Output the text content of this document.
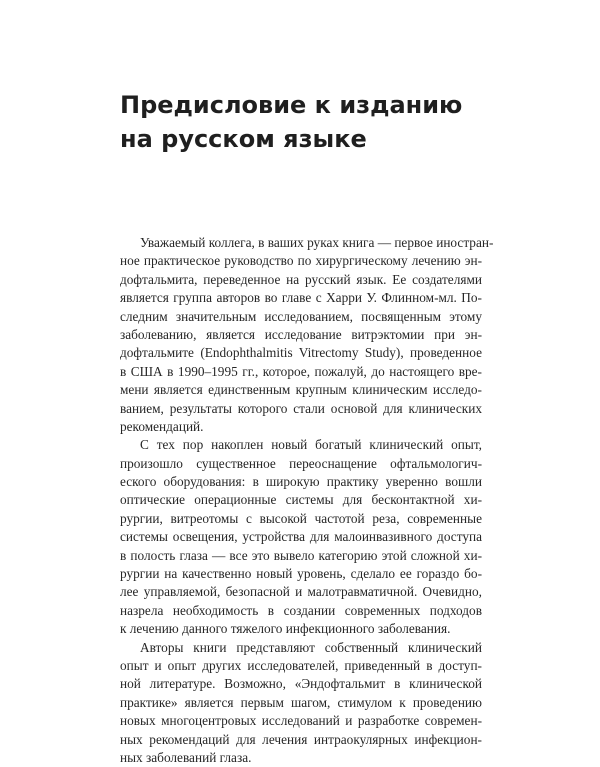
Предисловие к изданию
на русском языке
Уважаемый коллега, в ваших руках книга — первое иностран-
ное практическое руководство по хирургическому лечению эн-
дофтальмита, переведенное на русский язык. Ее создателями
является группа авторов во главе с Харри У. Флинном-мл. По-
следним значительным исследованием, посвященным этому
заболеванию, является исследование витрэктомии при эн-
дофтальмите (Endophthalmitis Vitrectomy Study), проведенное
в США в 1990–1995 гг., которое, пожалуй, до настоящего вре-
мени является единственным крупным клиническим исследо-
ванием, результаты которого стали основой для клинических
рекомендаций.
С тех пор накоплен новый богатый клинический опыт,
произошло существенное переоснащение офтальмологич-
еского оборудования: в широкую практику уверенно вошли
оптические операционные системы для бесконтактной хи-
рургии, витреотомы с высокой частотой реза, современные
системы освещения, устройства для малоинвазивного доступа
в полость глаза — все это вывело категорию этой сложной хи-
рургии на качественно новый уровень, сделало ее гораздо бо-
лее управляемой, безопасной и малотравматичной. Очевидно,
назрела необходимость в создании современных подходов
к лечению данного тяжелого инфекционного заболевания.
Авторы книги представляют собственный клинический
опыт и опыт других исследователей, приведенный в доступ-
ной литературе. Возможно, «Эндофтальмит в клинической
практике» является первым шагом, стимулом к проведению
новых многоцентровых исследований и разработке современ-
ных рекомендаций для лечения интраокулярных инфекцион-
ных заболеваний глаза.
